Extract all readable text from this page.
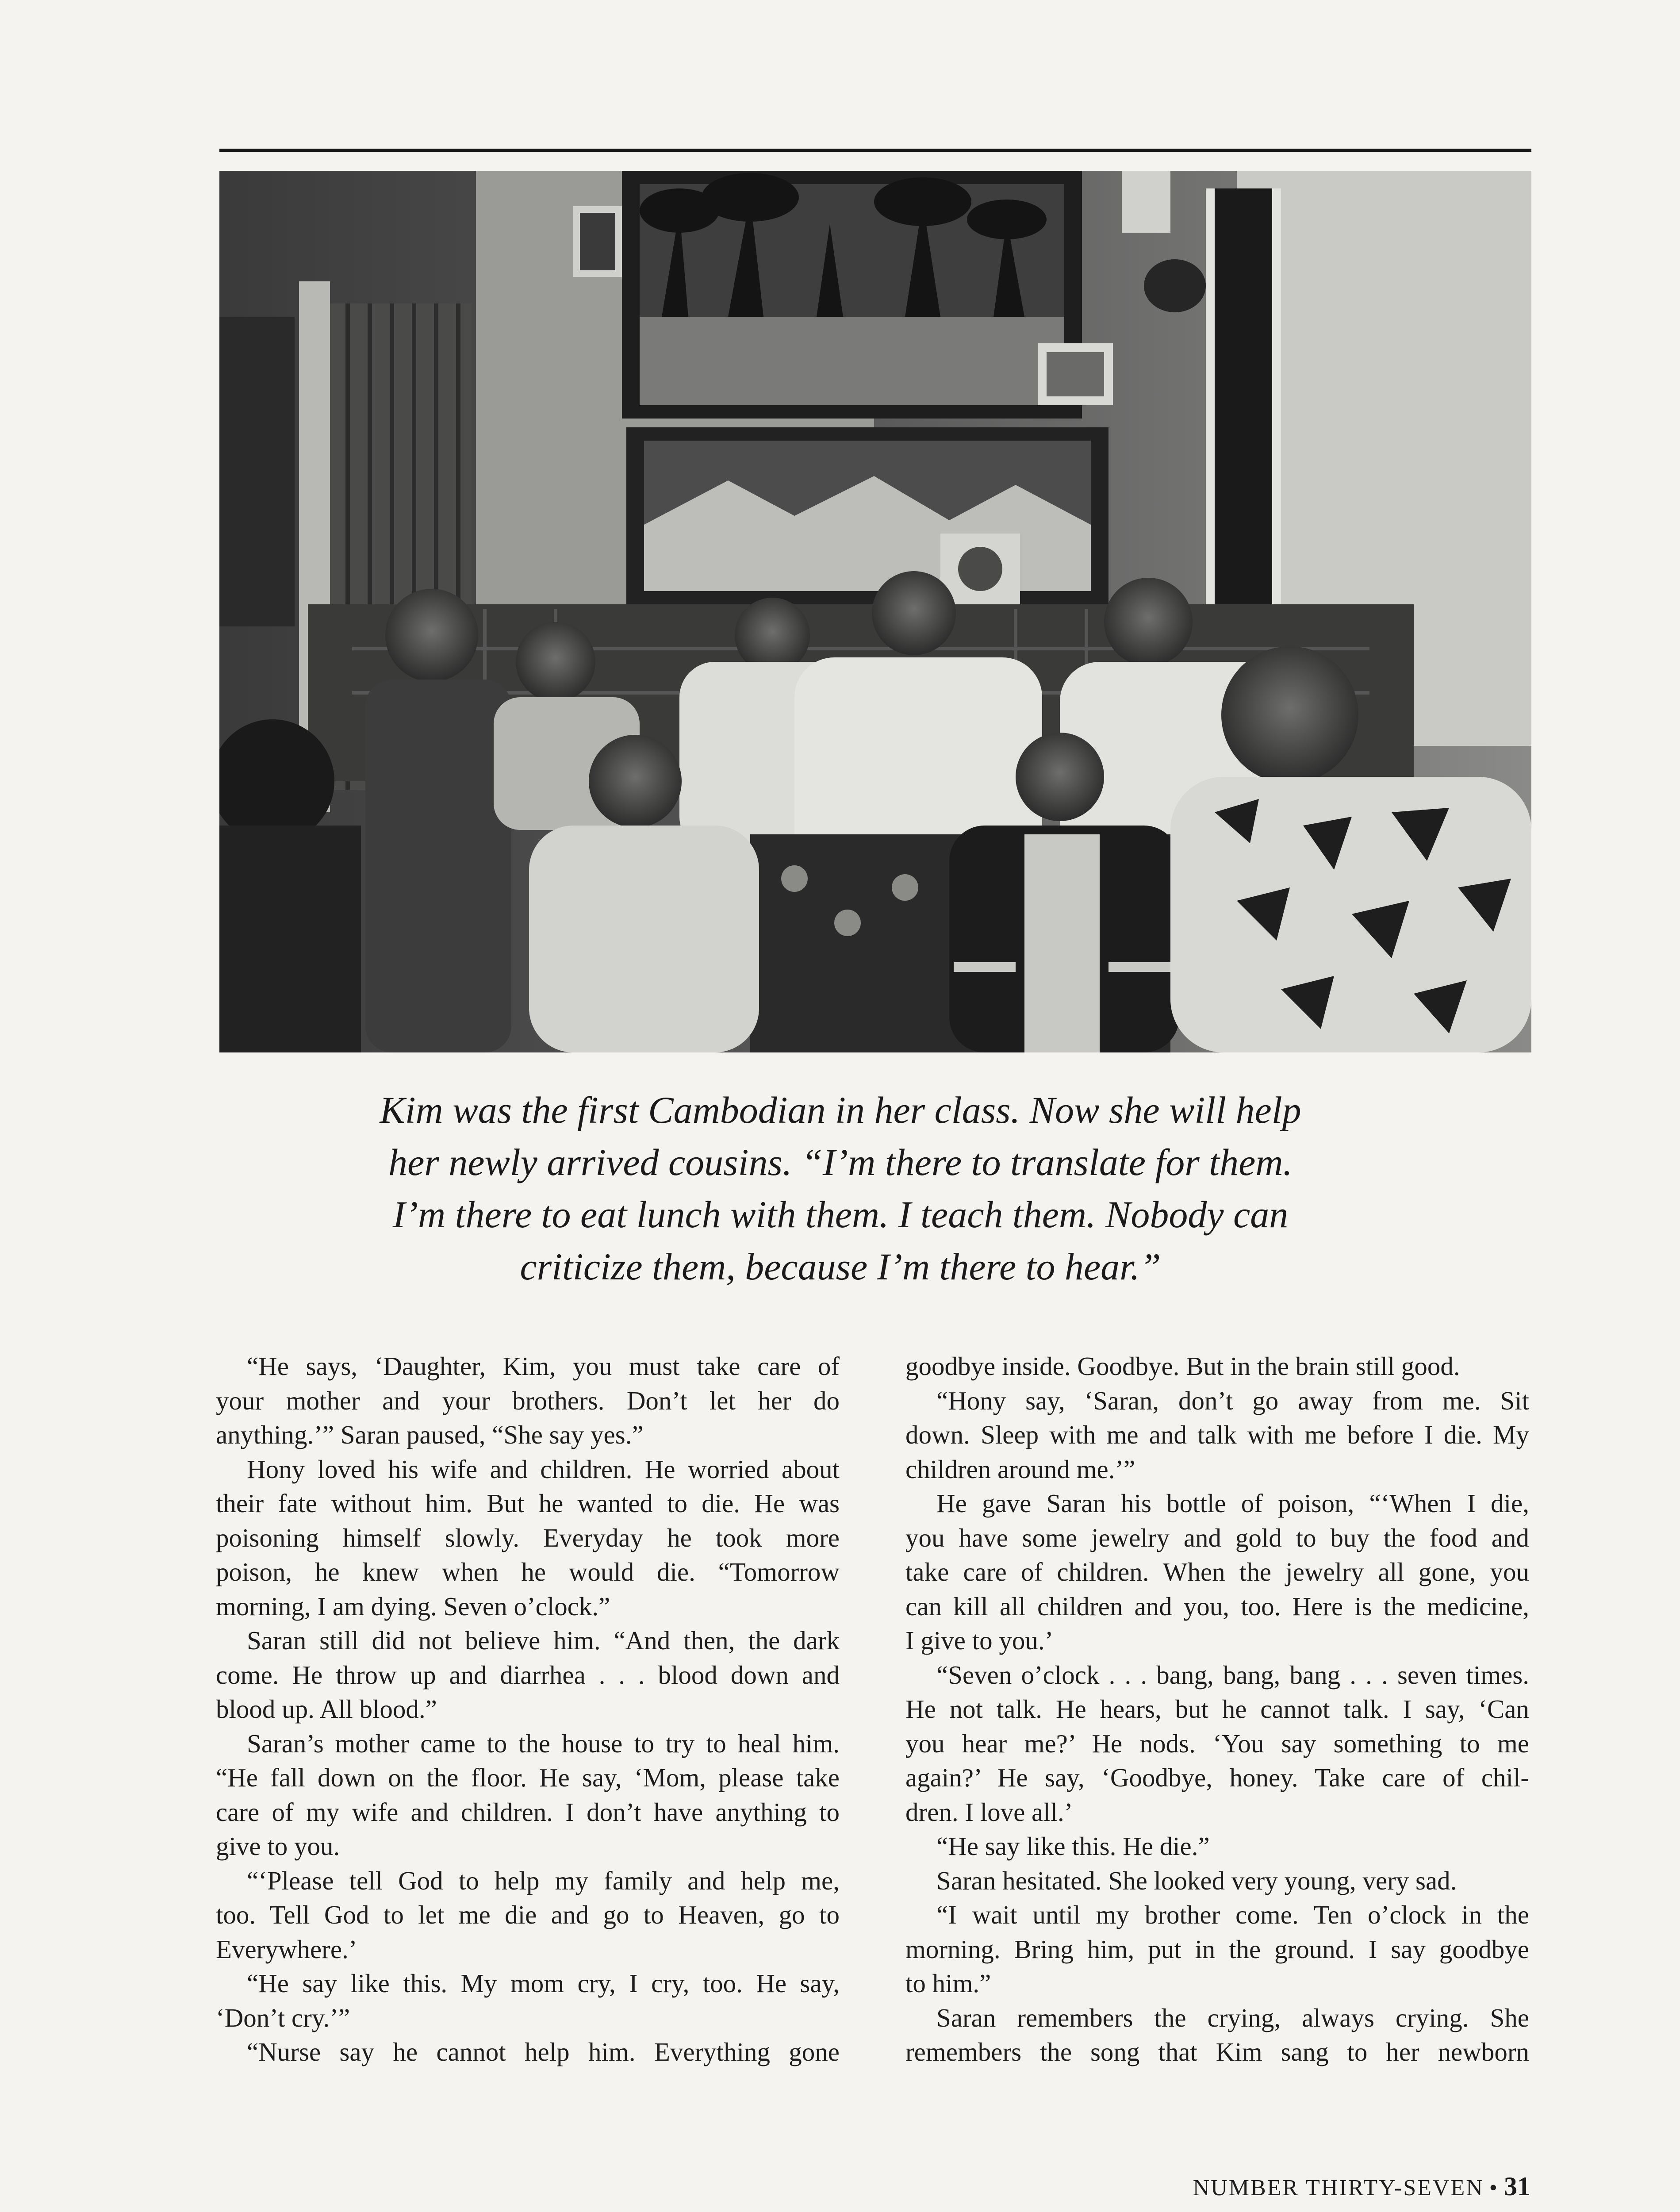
Kim was the first Cambodian in her class. Now she will help
her newly arrived cousins. “I’m there to translate for them.
I’m there to eat lunch with them. I teach them. Nobody can
criticize them, because I’m there to hear.”

“He says, ‘Daughter, Kim, you must take care of
your mother and your brothers. Don’t let her do
anything.’” Saran paused, “She say yes.”
Hony loved his wife and children. He worried about
their fate without him. But he wanted to die. He was
poisoning himself slowly. Everyday he took more
poison, he knew when he would die. “Tomorrow
morning, I am dying. Seven o’clock.”
Saran still did not believe him. “And then, the dark
come. He throw up and diarrhea . . . blood down and
blood up. All blood.”
Saran’s mother came to the house to try to heal him.
“He fall down on the floor. He say, ‘Mom, please take
care of my wife and children. I don’t have anything to
give to you.
“‘Please tell God to help my family and help me,
too. Tell God to let me die and go to Heaven, go to
Everywhere.’
“He say like this. My mom cry, I cry, too. He say,
‘Don’t cry.’”
“Nurse say he cannot help him. Everything gone
goodbye inside. Goodbye. But in the brain still good.
“Hony say, ‘Saran, don’t go away from me. Sit
down. Sleep with me and talk with me before I die. My
children around me.’”
He gave Saran his bottle of poison, “‘When I die,
you have some jewelry and gold to buy the food and
take care of children. When the jewelry all gone, you
can kill all children and you, too. Here is the medicine,
I give to you.’
“Seven o’clock . . . bang, bang, bang . . . seven times.
He not talk. He hears, but he cannot talk. I say, ‘Can
you hear me?’ He nods. ‘You say something to me
again?’ He say, ‘Goodbye, honey. Take care of chil-
dren. I love all.’
“He say like this. He die.”
Saran hesitated. She looked very young, very sad.
“I wait until my brother come. Ten o’clock in the
morning. Bring him, put in the ground. I say goodbye
to him.”
Saran remembers the crying, always crying. She
remembers the song that Kim sang to her newborn
NUMBER THIRTY-SEVEN • 31
